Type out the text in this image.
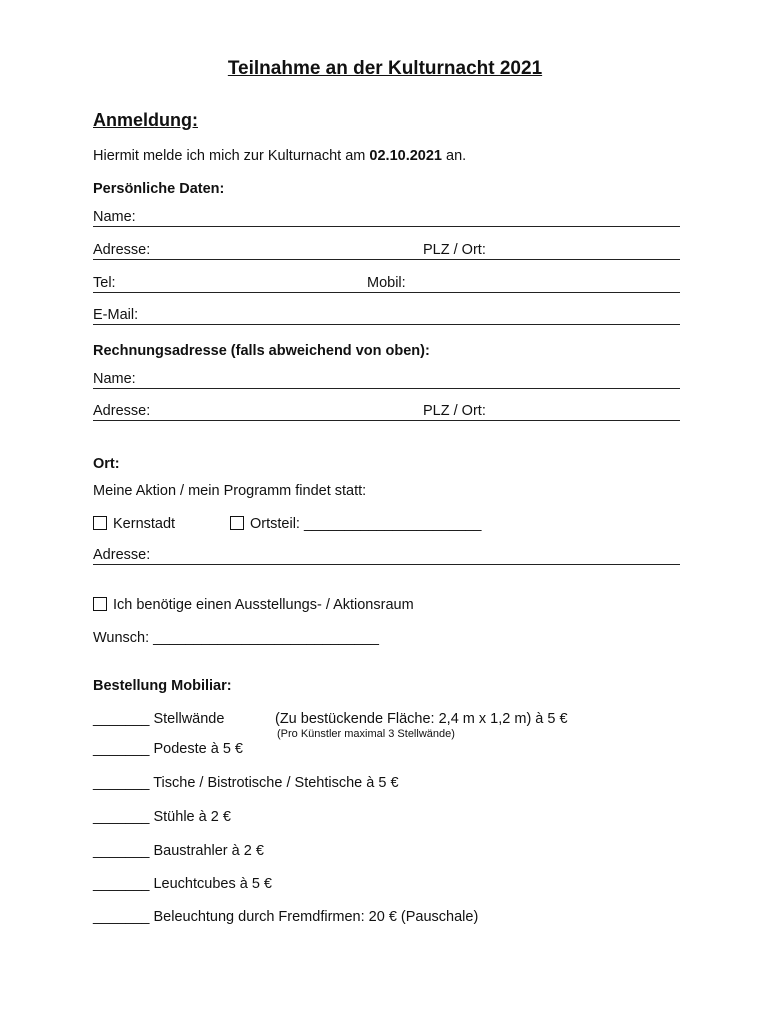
Teilnahme an der Kulturnacht 2021
Anmeldung:
Hiermit melde ich mich zur Kulturnacht am 02.10.2021 an.
Persönliche Daten:
Name:
Adresse:	PLZ / Ort:
Tel:	Mobil:
E-Mail:
Rechnungsadresse (falls abweichend von oben):
Name:
Adresse:	PLZ / Ort:
Ort:
Meine Aktion / mein Programm findet statt:
Kernstadt	Ortsteil: ______________________
Adresse:
Ich benötige einen Ausstellungs- / Aktionsraum
Wunsch: ____________________________
Bestellung Mobiliar:
_______ Stellwände	(Zu bestückende Fläche: 2,4 m x 1,2 m) à 5 €
(Pro Künstler maximal 3 Stellwände)
_______ Podeste à 5 €
_______ Tische / Bistrotische / Stehtische à 5 €
_______ Stühle à 2 €
_______ Baustrahler à 2 €
_______ Leuchtcubes à 5 €
_______ Beleuchtung durch Fremdfirmen: 20 € (Pauschale)
